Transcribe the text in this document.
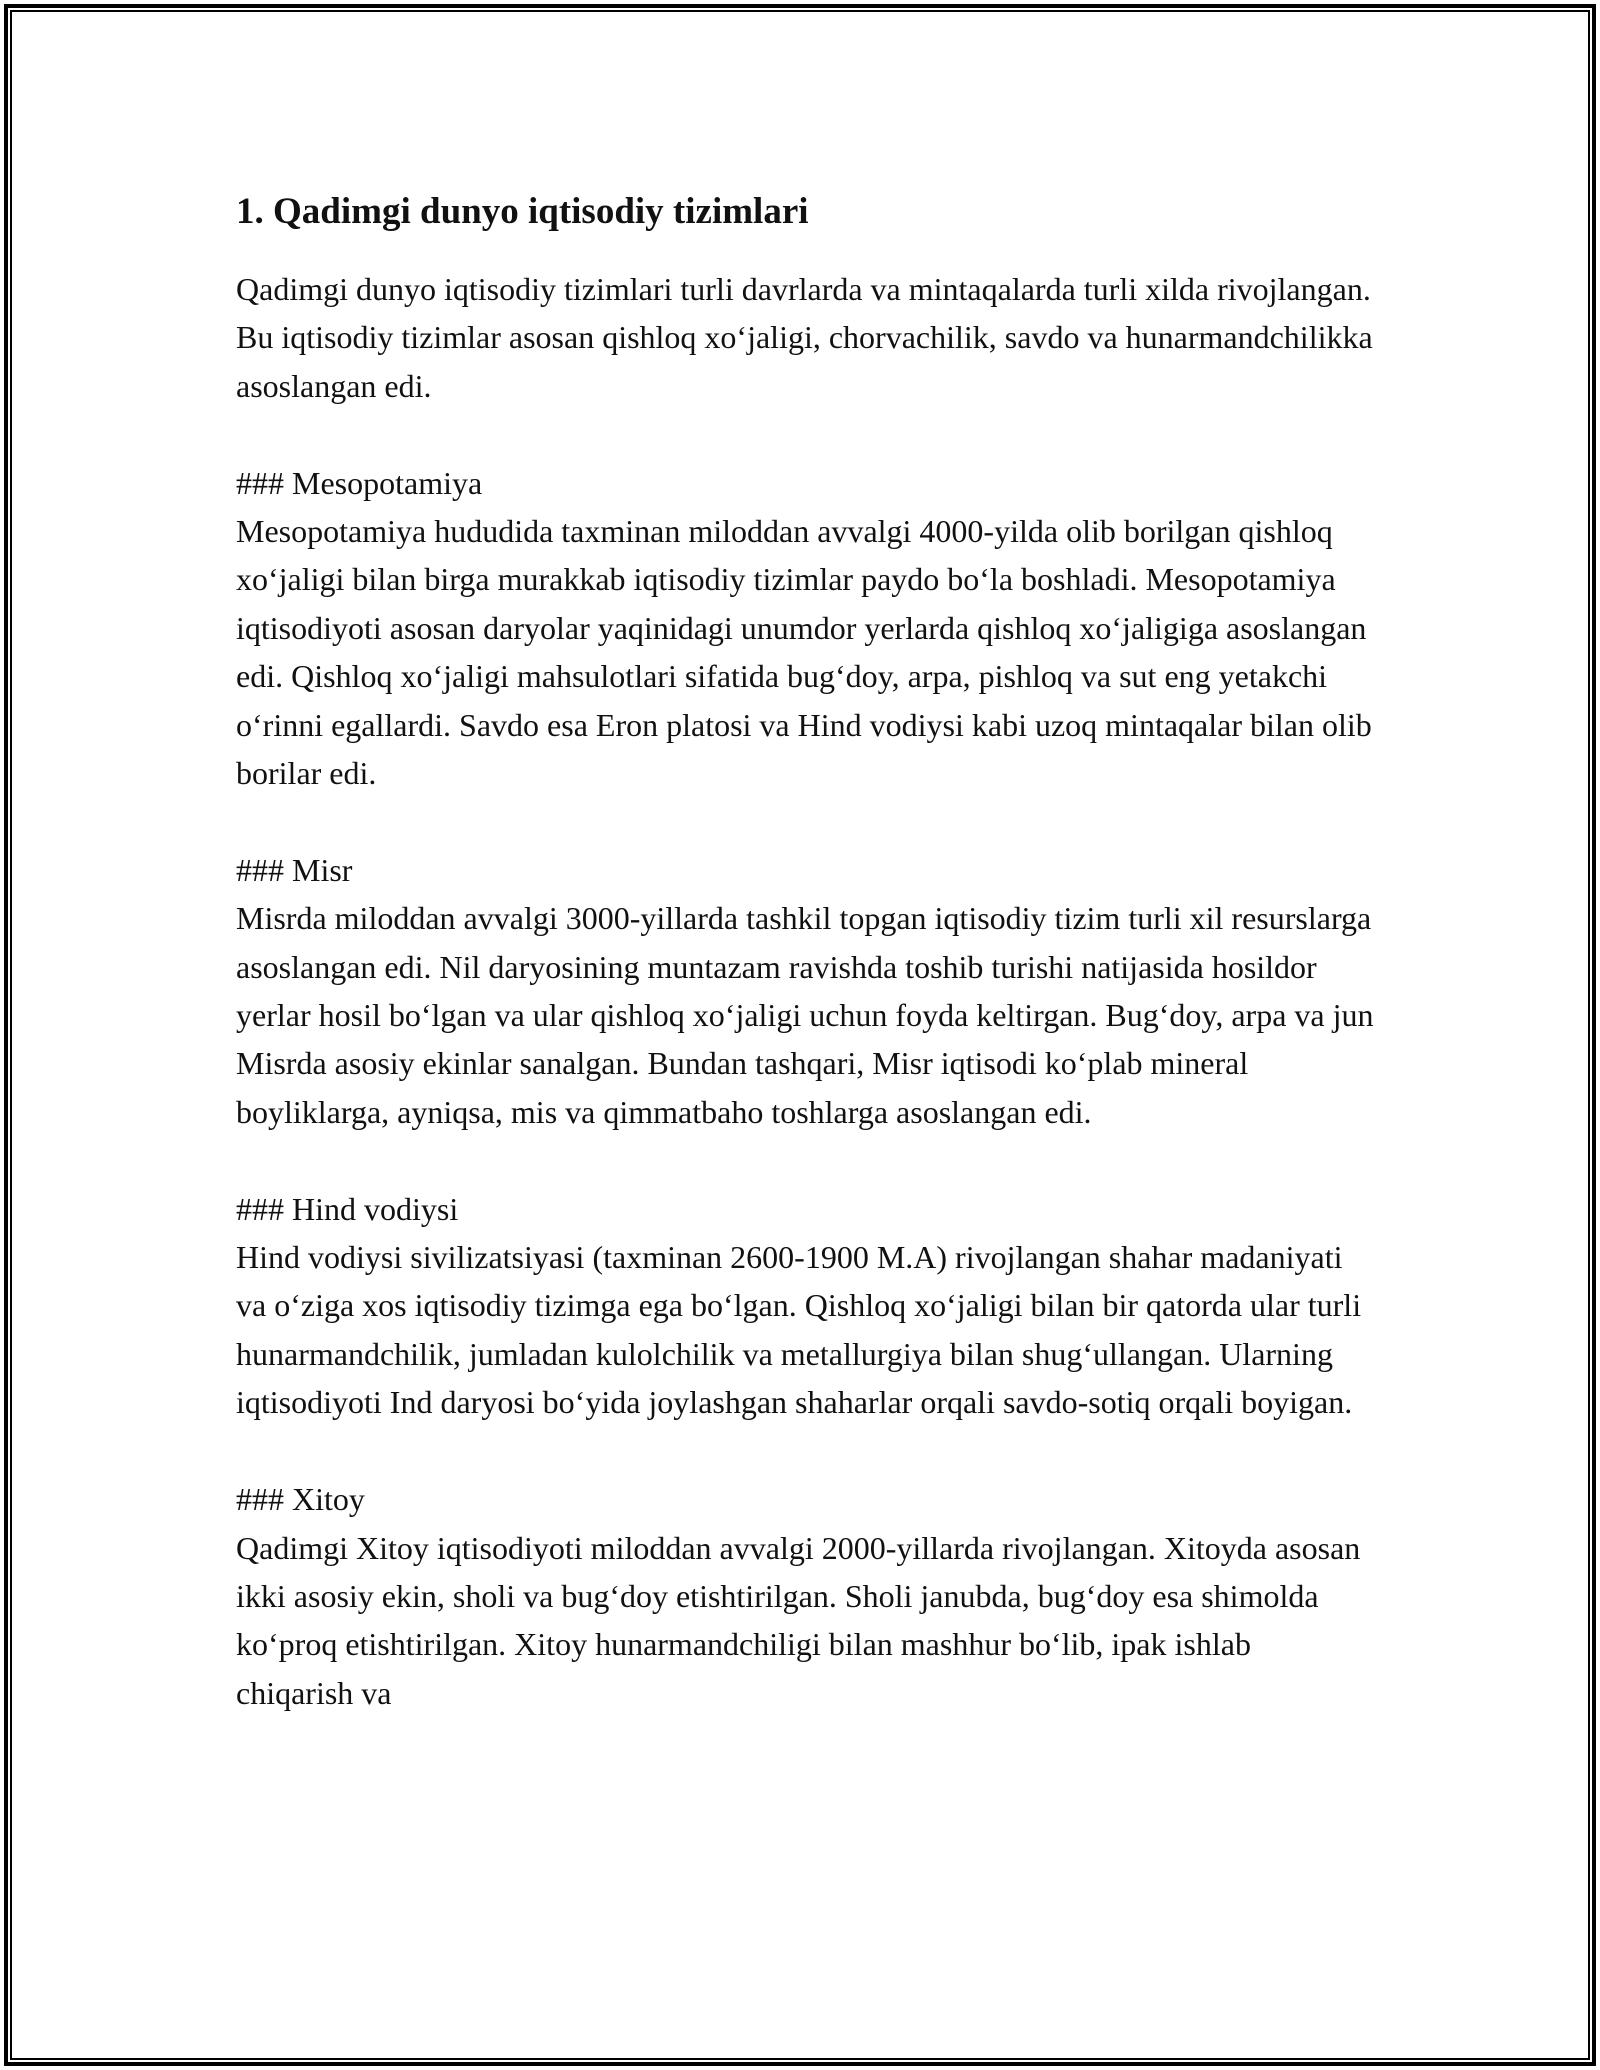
1. Qadimgi dunyo iqtisodiy tizimlari

Qadimgi dunyo iqtisodiy tizimlari turli davrlarda va mintaqalarda turli xilda rivojlangan. Bu iqtisodiy tizimlar asosan qishloq xo‘jaligi, chorvachilik, savdo va hunarmandchilikka asoslangan edi.

### Mesopotamiya

Mesopotamiya hududida taxminan miloddan avvalgi 4000-yilda olib borilgan qishloq xo‘jaligi bilan birga murakkab iqtisodiy tizimlar paydo bo‘la boshladi. Mesopotamiya iqtisodiyoti asosan daryolar yaqinidagi unumdor yerlarda qishloq xo‘jaligiga asoslangan edi. Qishloq xo‘jaligi mahsulotlari sifatida bug‘doy, arpa, pishloq va sut eng yetakchi o‘rinni egallardi. Savdo esa Eron platosi va Hind vodiysi kabi uzoq mintaqalar bilan olib borilar edi.

### Misr

Misrda miloddan avvalgi 3000-yillarda tashkil topgan iqtisodiy tizim turli xil resurslarga asoslangan edi. Nil daryosining muntazam ravishda toshib turishi natijasida hosildor yerlar hosil bo‘lgan va ular qishloq xo‘jaligi uchun foyda keltirgan. Bug‘doy, arpa va jun Misrda asosiy ekinlar sanalgan. Bundan tashqari, Misr iqtisodi ko‘plab mineral boyliklarga, ayniqsa, mis va qimmatbaho toshlarga asoslangan edi.

### Hind vodiysi

Hind vodiysi sivilizatsiyasi (taxminan 2600-1900 M.A) rivojlangan shahar madaniyati va o‘ziga xos iqtisodiy tizimga ega bo‘lgan. Qishloq xo‘jaligi bilan bir qatorda ular turli hunarmandchilik, jumladan kulolchilik va metallurgiya bilan shug‘ullangan. Ularning iqtisodiyoti Ind daryosi bo‘yida joylashgan shaharlar orqali savdo-sotiq orqali boyigan.

### Xitoy

Qadimgi Xitoy iqtisodiyoti miloddan avvalgi 2000-yillarda rivojlangan. Xitoyda asosan ikki asosiy ekin, sholi va bug‘doy etishtirilgan. Sholi janubda, bug‘doy esa shimolda ko‘proq etishtirilgan. Xitoy hunarmandchiligi bilan mashhur bo‘lib, ipak ishlab chiqarish va
